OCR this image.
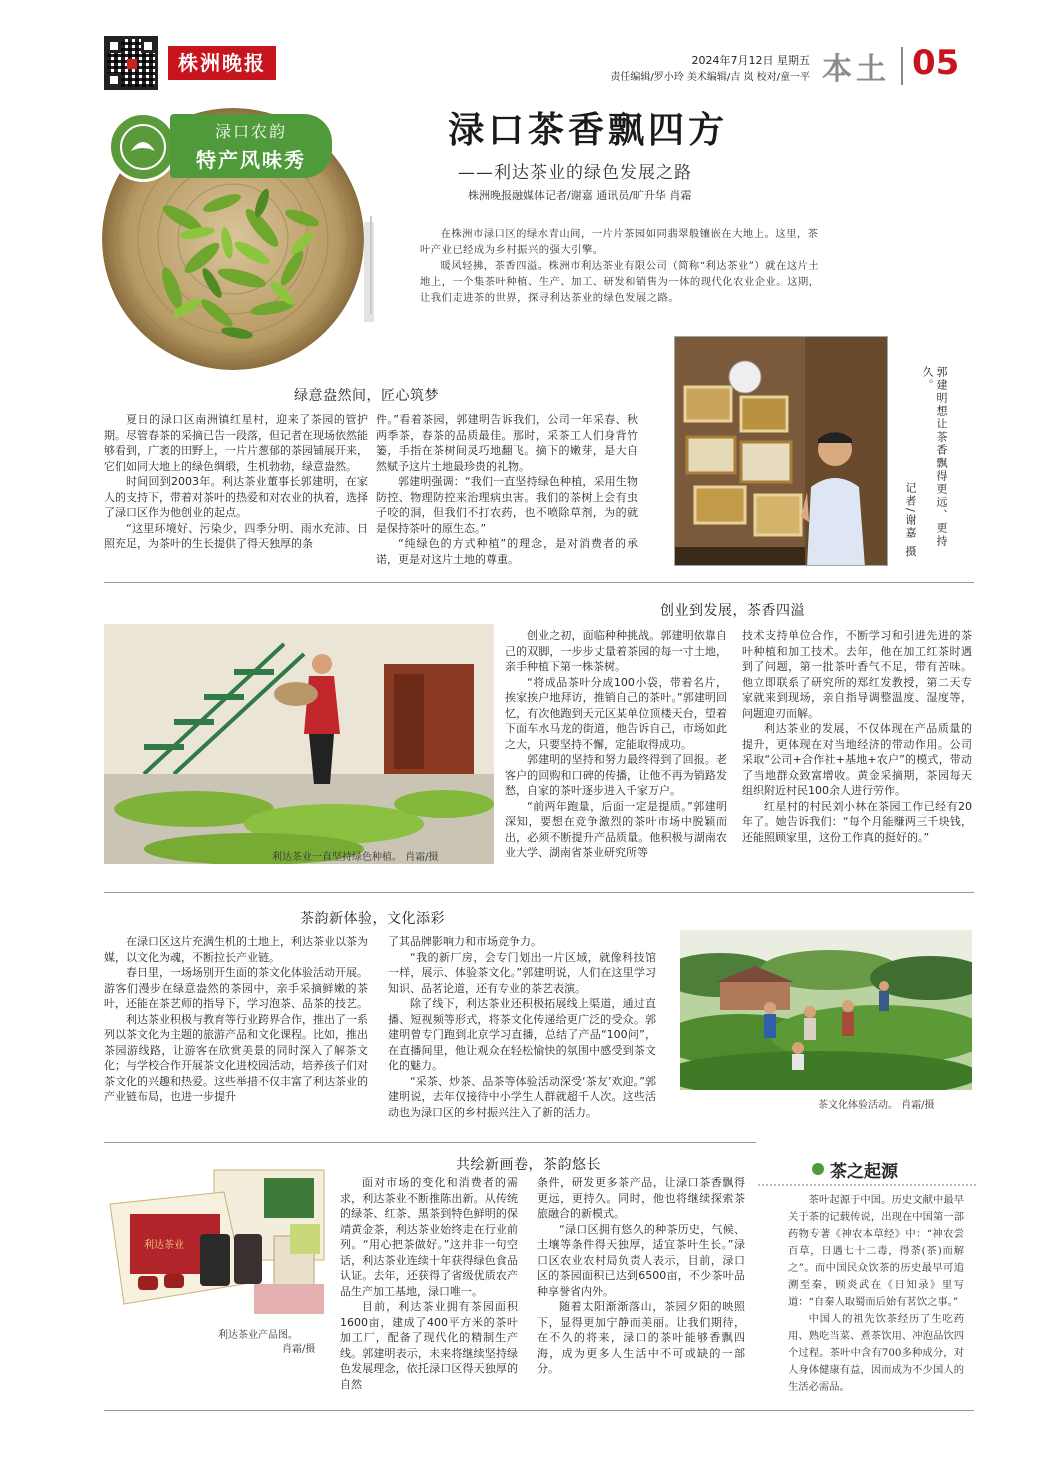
株洲晚报	2024年7月12日 星期五
责任编辑/罗小玲 美术编辑/吉 岚 校对/童一平 本土 05
渌口农韵
特产风味秀
渌口茶香飘四方
——利达茶业的绿色发展之路
株洲晚报融媒体记者/谢嘉 通讯员/旷升华 肖霜

在株洲市渌口区的绿水青山间，一片片茶园如同翡翠般镶嵌在大地上。这里，茶叶产业已经成为乡村振兴的强大引擎。

暖风轻拂，茶香四溢。株洲市利达茶业有限公司（简称“利达茶业”）就在这片土地上，一个集茶叶种植、生产、加工、研发和销售为一体的现代化农业企业。这期，让我们走进茶的世界，探寻利达茶业的绿色发展之路。

绿意盎然间，匠心筑梦

夏日的渌口区南洲镇红星村，迎来了茶园的管护期。尽管春茶的采摘已告一段落，但记者在现场依然能够看到，广袤的田野上，一片片葱郁的茶园铺展开来，它们如同大地上的绿色绸缎，生机勃勃，绿意盎然。

时间回到2003年。利达茶业董事长郭建明，在家人的支持下，带着对茶叶的热爱和对农业的执着，选择了渌口区作为他创业的起点。

“这里环境好、污染少，四季分明、雨水充沛、日照充足，为茶叶的生长提供了得天独厚的条

件。”看着茶园，郭建明告诉我们，公司一年采春、秋两季茶，春茶的品质最佳。那时，采茶工人们身背竹篓，手指在茶树间灵巧地翻飞。摘下的嫩芽，是大自然赋予这片土地最珍贵的礼物。

郭建明强调：“我们一直坚持绿色种植，采用生物防控、物理防控来治理病虫害。我们的茶树上会有虫子咬的洞，但我们不打农药，也不喷除草剂，为的就是保持茶叶的原生态。”

“纯绿色的方式种植”的理念，是对消费者的承诺，更是对这片土地的尊重。

郭建明想让茶香飘得更远、更持久。
记者/谢嘉 摄
创业到发展，茶香四溢
利达茶业一直坚持绿色种植。 肖霜/摄

创业之初，面临种种挑战。郭建明依靠自己的双脚，一步步丈量着茶园的每一寸土地，亲手种植下第一株茶树。

“将成品茶叶分成100小袋，带着名片，挨家挨户地拜访，推销自己的茶叶。”郭建明回忆，有次他跑到天元区某单位顶楼天台，望着下面车水马龙的街道，他告诉自己，市场如此之大，只要坚持不懈，定能取得成功。

郭建明的坚持和努力最终得到了回报。老客户的回购和口碑的传播，让他不再为销路发愁，自家的茶叶逐步进入千家万户。

“前两年跑量，后面一定是提质。”郭建明深知，要想在竞争激烈的茶叶市场中脱颖而出，必须不断提升产品质量。他积极与湖南农业大学、湖南省茶业研究所等

技术支持单位合作，不断学习和引进先进的茶叶种植和加工技术。去年，他在加工红茶时遇到了问题，第一批茶叶香气不足，带有苦味。他立即联系了研究所的郑红发教授，第二天专家就来到现场，亲自指导调整温度、湿度等，问题迎刃而解。

利达茶业的发展，不仅体现在产品质量的提升，更体现在对当地经济的带动作用。公司采取“公司+合作社+基地+农户”的模式，带动了当地群众致富增收。黄金采摘期，茶园每天组织附近村民100余人进行劳作。

红星村的村民刘小林在茶园工作已经有20年了。她告诉我们：“每个月能赚两三千块钱，还能照顾家里，这份工作真的挺好的。”

茶韵新体验，文化添彩

在渌口区这片充满生机的土地上，利达茶业以茶为媒，以文化为魂，不断拉长产业链。

春日里，一场场别开生面的茶文化体验活动开展。游客们漫步在绿意盎然的茶园中，亲手采摘鲜嫩的茶叶，还能在茶艺师的指导下，学习泡茶、品茶的技艺。

利达茶业积极与教育等行业跨界合作，推出了一系列以茶文化为主题的旅游产品和文化课程。比如，推出茶园游线路，让游客在欣赏美景的同时深入了解茶文化；与学校合作开展茶文化进校园活动，培养孩子们对茶文化的兴趣和热爱。这些举措不仅丰富了利达茶业的产业链布局，也进一步提升

了其品牌影响力和市场竞争力。

“我的新厂房，会专门划出一片区域，就像科技馆一样，展示、体验茶文化。”郭建明说，人们在这里学习知识、品茗论道，还有专业的茶艺表演。

除了线下，利达茶业还积极拓展线上渠道，通过直播、短视频等形式，将茶文化传递给更广泛的受众。郭建明曾专门跑到北京学习直播，总结了产品“100问”，在直播间里，他让观众在轻松愉快的氛围中感受到茶文化的魅力。

“采茶、炒茶、品茶等体验活动深受‘茶友’欢迎。”郭建明说，去年仅接待中小学生人群就超千人次。这些活动也为渌口区的乡村振兴注入了新的活力。	茶文化体验活动。 肖霜/摄
共绘新画卷，茶韵悠长
利达茶业
利达茶业产品图。
肖霜/摄

面对市场的变化和消费者的需求，利达茶业不断推陈出新。从传统的绿茶、红茶、黑茶到特色鲜明的保靖黄金茶，利达茶业始终走在行业前列。“用心把茶做好。”这并非一句空话，利达茶业连续十年获得绿色食品认证。去年，还获得了省级优质农产品生产加工基地，渌口唯一。

目前，利达茶业拥有茶园面积1600亩，建成了400平方米的茶叶加工厂，配备了现代化的精制生产线。郭建明表示，未来将继续坚持绿色发展理念，依托渌口区得天独厚的自然

条件，研发更多茶产品，让渌口茶香飘得更远，更持久。同时，他也将继续探索茶旅融合的新模式。

“渌口区拥有悠久的种茶历史，气候、土壤等条件得天独厚，适宜茶叶生长。”渌口区农业农村局负责人表示，目前，渌口区的茶园面积已达到6500亩，不少茶叶品种享誉省内外。

随着太阳渐渐落山，茶园夕阳的映照下，显得更加宁静而美丽。让我们期待，在不久的将来，渌口的茶叶能够香飘四海，成为更多人生活中不可或缺的一部分。

茶之起源

茶叶起源于中国。历史文献中最早关于茶的记载传说，出现在中国第一部药物专著《神农本草经》中：“神农尝百草，日遇七十二毒，得荼(茶)而解之”。而中国民众饮茶的历史最早可追溯至秦，顾炎武在《日知录》里写道：“自秦人取蜀而后始有茗饮之事。”

中国人的祖先饮茶经历了生吃药用、熟吃当菜、煮茶饮用、冲泡品饮四个过程。茶叶中含有700多种成分，对人身体健康有益，因而成为不少国人的生活必需品。
